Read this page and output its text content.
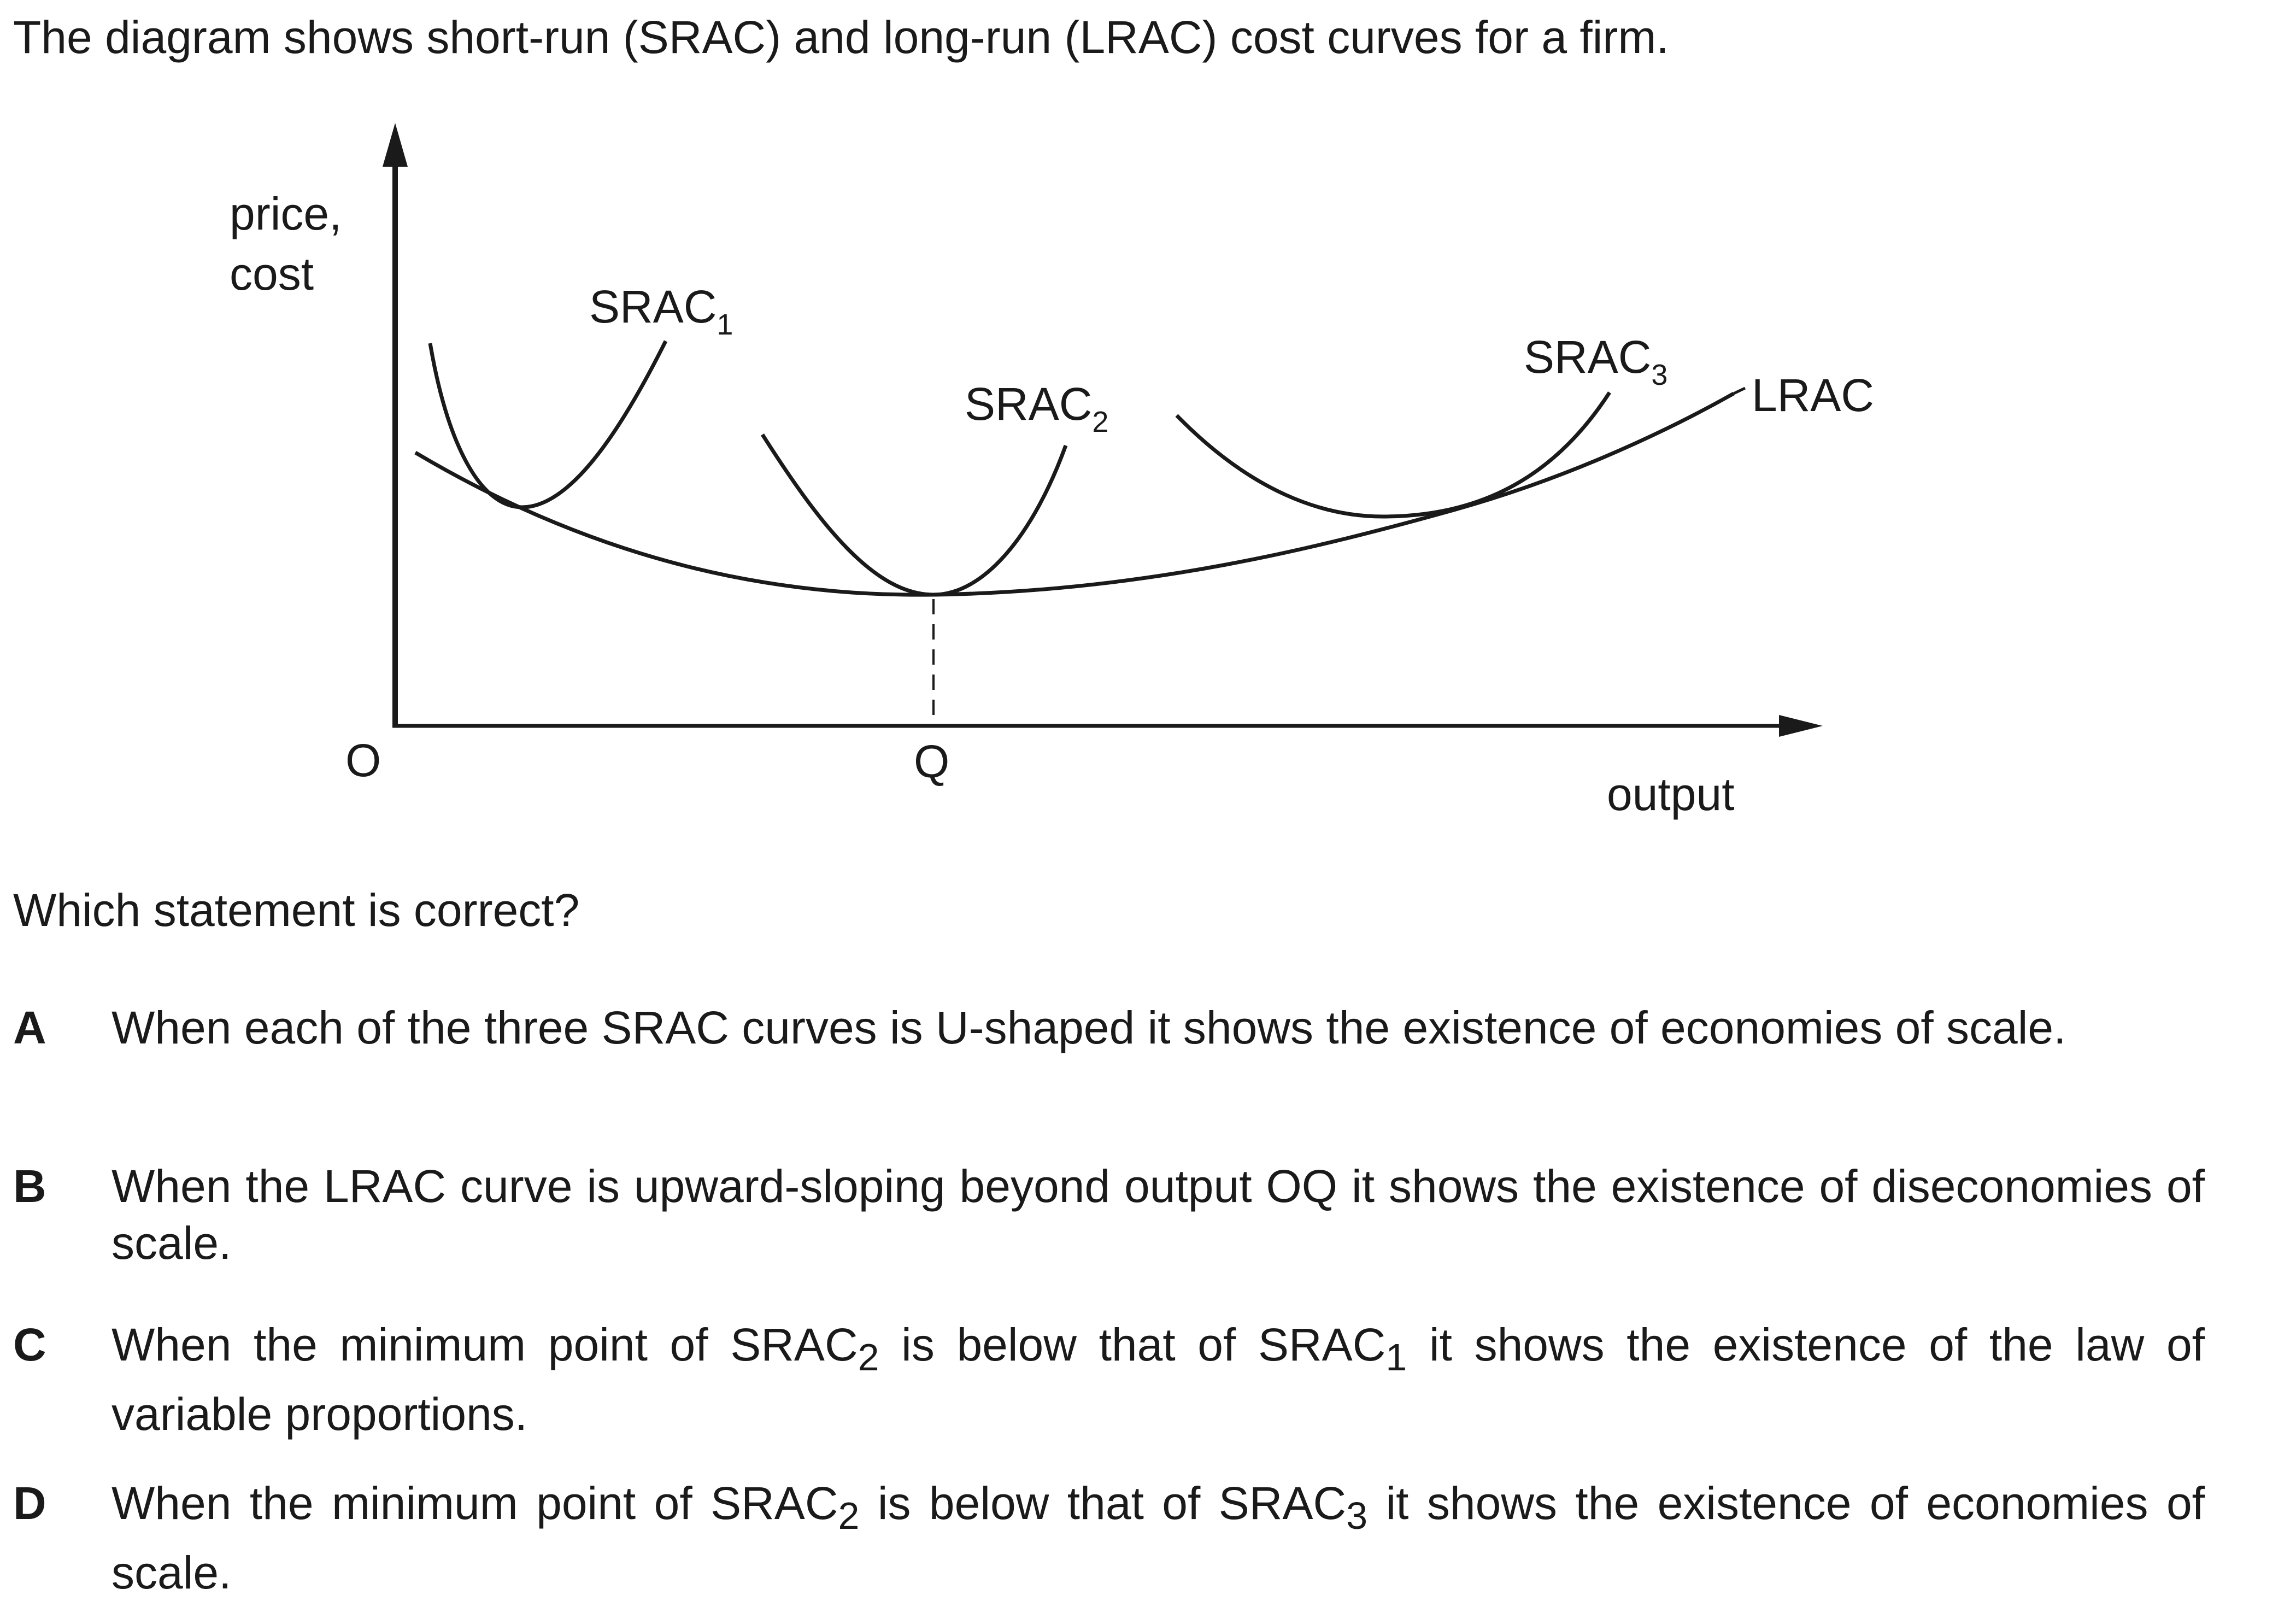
The diagram shows short-run (SRAC) and long-run (LRAC) cost curves for a firm.
price,
cost
O	Q
output
$SRAC_1$
$SRAC_2$
$SRAC_3$ LRAC
Which statement is correct?
A When each of the three SRAC curves is U-shaped it shows the existence of economies of scale.
B When the LRAC curve is upward-sloping beyond output OQ it shows the existence of diseconomies of scale.
C When the minimum point of $SRAC_2$ is below that of $SRAC_1$ it shows the existence of the law of variable proportions.
D When the minimum point of $SRAC_2$ is below that of $SRAC_3$ it shows the existence of economies of scale.
